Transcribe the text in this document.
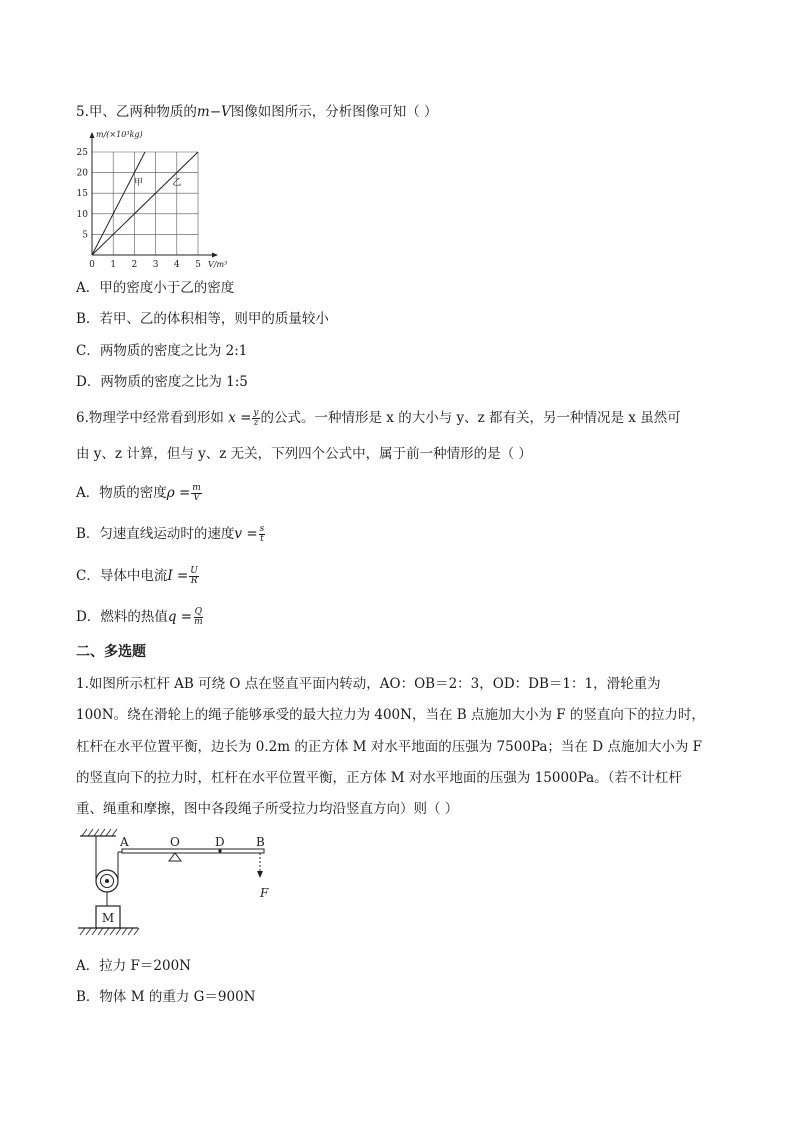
5.甲、乙两种物质的m−V图像如图所示，分析图像可知（ ）
0 1 2 3 4 5
5
10
15
20
25
m/(×10³kg)
V/m³
甲	乙
A．甲的密度小于乙的密度
B．若甲、乙的体积相等，则甲的质量较小
C．两物质的密度之比为 2:1
D．两物质的密度之比为 1:5
6.物理学中经常看到形如 $x = \frac{y}{z}$ 的公式。一种情形是 x 的大小与 y、z 都有关，另一种情况是 x 虽然可
由 y、z 计算，但与 y、z 无关，下列四个公式中，属于前一种情形的是（ ）
A．物质的密度$\rho = \frac{m}{V}$
B．匀速直线运动时的速度$v = \frac{s}{t}$
C．导体中电流$I = \frac{U}{R}$
D．燃料的热值$q = \frac{Q}{m}$
二、多选题
1.如图所示杠杆 AB 可绕 O 点在竖直平面内转动，AO：OB＝2：3，OD：DB＝1：1，滑轮重为
100N。绕在滑轮上的绳子能够承受的最大拉力为 400N，当在 B 点施加大小为 F 的竖直向下的拉力时，
杠杆在水平位置平衡，边长为 0.2m 的正方体 M 对水平地面的压强为 7500Pa；当在 D 点施加大小为 F
的竖直向下的拉力时，杠杆在水平位置平衡，正方体 M 对水平地面的压强为 15000Pa。（若不计杠杆
重、绳重和摩擦，图中各段绳子所受拉力均沿竖直方向）则（ ）
M
A	O	D	B
F
A．拉力 F＝200N
B．物体 M 的重力 G＝900N
